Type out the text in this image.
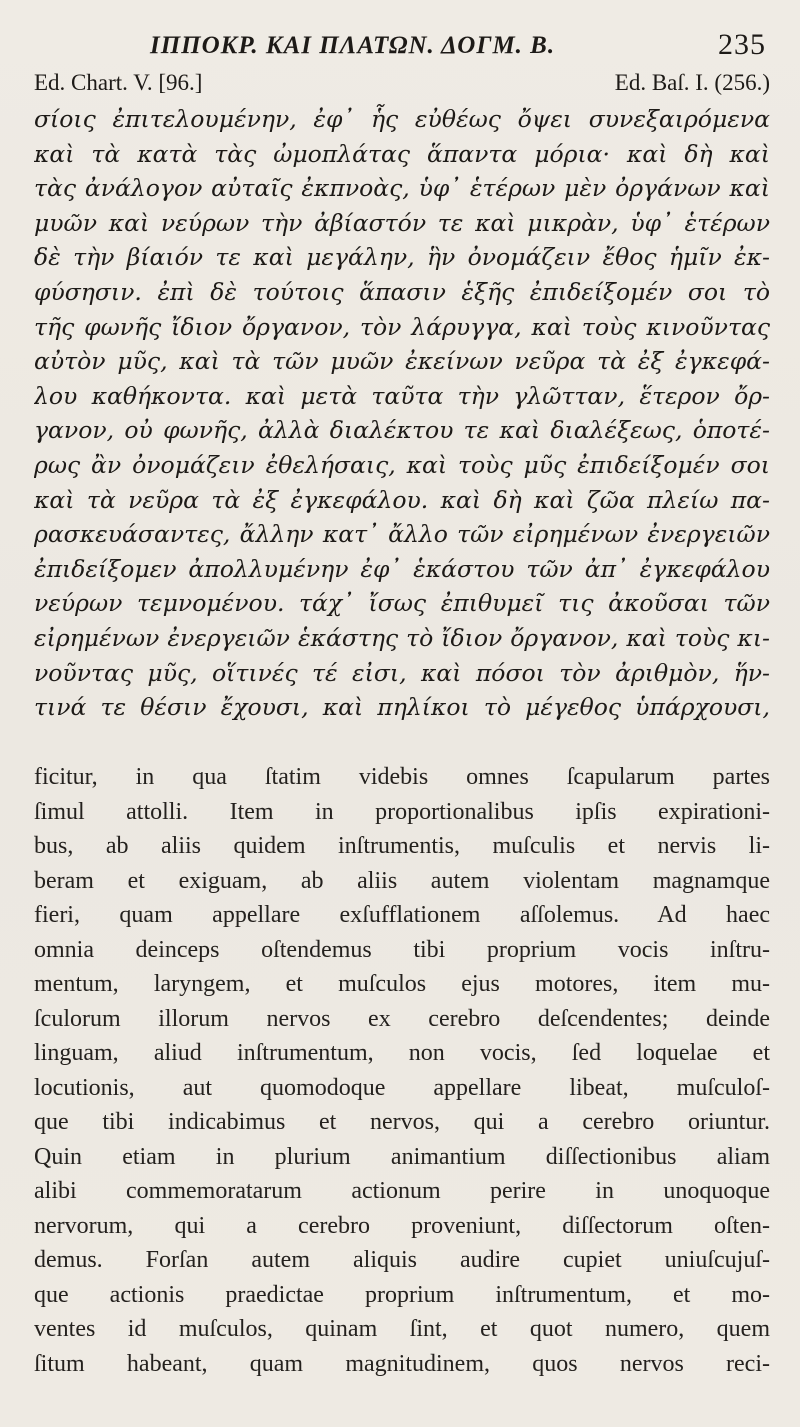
ΙΠΠΟΚΡ. ΚΑΙ ΠΛΑΤΩΝ. ΔΟΓΜ. Β.	235
Ed. Chart. V. [96.]	Ed. Baſ. I. (256.)
σίοις ἐπιτελουμένην, ἐφ᾽ ἧς εὐθέως ὄψει συνεξαιρόμενα
καὶ τὰ κατὰ τὰς ὠμοπλάτας ἅπαντα μόρια· καὶ δὴ καὶ
τὰς ἀνάλογον αὐταῖς ἐκπνοὰς, ὑφ᾽ ἑτέρων μὲν ὀργάνων καὶ
μυῶν καὶ νεύρων τὴν ἀβίαστόν τε καὶ μικρὰν, ὑφ᾽ ἑτέρων
δὲ τὴν βίαιόν τε καὶ μεγάλην, ἣν ὀνομάζειν ἔθος ἡμῖν ἐκ-
φύσησιν. ἐπὶ δὲ τούτοις ἅπασιν ἑξῆς ἐπιδείξομέν σοι τὸ
τῆς φωνῆς ἴδιον ὄργανον, τὸν λάρυγγα, καὶ τοὺς κινοῦντας
αὐτὸν μῦς, καὶ τὰ τῶν μυῶν ἐκείνων νεῦρα τὰ ἐξ ἐγκεφά-
λου καθήκοντα. καὶ μετὰ ταῦτα τὴν γλῶτταν, ἕτερον ὄρ-
γανον, οὐ φωνῆς, ἀλλὰ διαλέκτου τε καὶ διαλέξεως, ὁποτέ-
ρως ἂν ὀνομάζειν ἐθελήσαις, καὶ τοὺς μῦς ἐπιδείξομέν σοι
καὶ τὰ νεῦρα τὰ ἐξ ἐγκεφάλου. καὶ δὴ καὶ ζῶα πλείω πα-
ρασκευάσαντες, ἄλλην κατ᾽ ἄλλο τῶν εἰρημένων ἐνεργειῶν
ἐπιδείξομεν ἀπολλυμένην ἐφ᾽ ἑκάστου τῶν ἀπ᾽ ἐγκεφάλου
νεύρων τεμνομένου. τάχ᾽ ἴσως ἐπιθυμεῖ τις ἀκοῦσαι τῶν
εἰρημένων ἐνεργειῶν ἑκάστης τὸ ἴδιον ὄργανον, καὶ τοὺς κι-
νοῦντας μῦς, οἵτινές τέ εἰσι, καὶ πόσοι τὸν ἀριθμὸν, ἥν-
τινά τε θέσιν ἔχουσι, καὶ πηλίκοι τὸ μέγεθος ὑπάρχουσι,
ficitur, in qua ſtatim videbis omnes ſcapularum partes
ſimul attolli. Item in proportionalibus ipſis expirationi-
bus, ab aliis quidem inſtrumentis, muſculis et nervis li-
beram et exiguam, ab aliis autem violentam magnamque
fieri, quam appellare exſufflationem aſſolemus. Ad haec
omnia deinceps oſtendemus tibi proprium vocis inſtru-
mentum, laryngem, et muſculos ejus motores, item mu-
ſculorum illorum nervos ex cerebro deſcendentes; deinde
linguam, aliud inſtrumentum, non vocis, ſed loquelae et
locutionis, aut quomodoque appellare libeat, muſculoſ-
que tibi indicabimus et nervos, qui a cerebro oriuntur.
Quin etiam in plurium animantium diſſectionibus aliam
alibi commemoratarum actionum perire in unoquoque
nervorum, qui a cerebro proveniunt, diſſectorum oſten-
demus. Forſan autem aliquis audire cupiet uniuſcujuſ-
que actionis praedictae proprium inſtrumentum, et mo-
ventes id muſculos, quinam ſint, et quot numero, quem
ſitum habeant, quam magnitudinem, quos nervos reci-
